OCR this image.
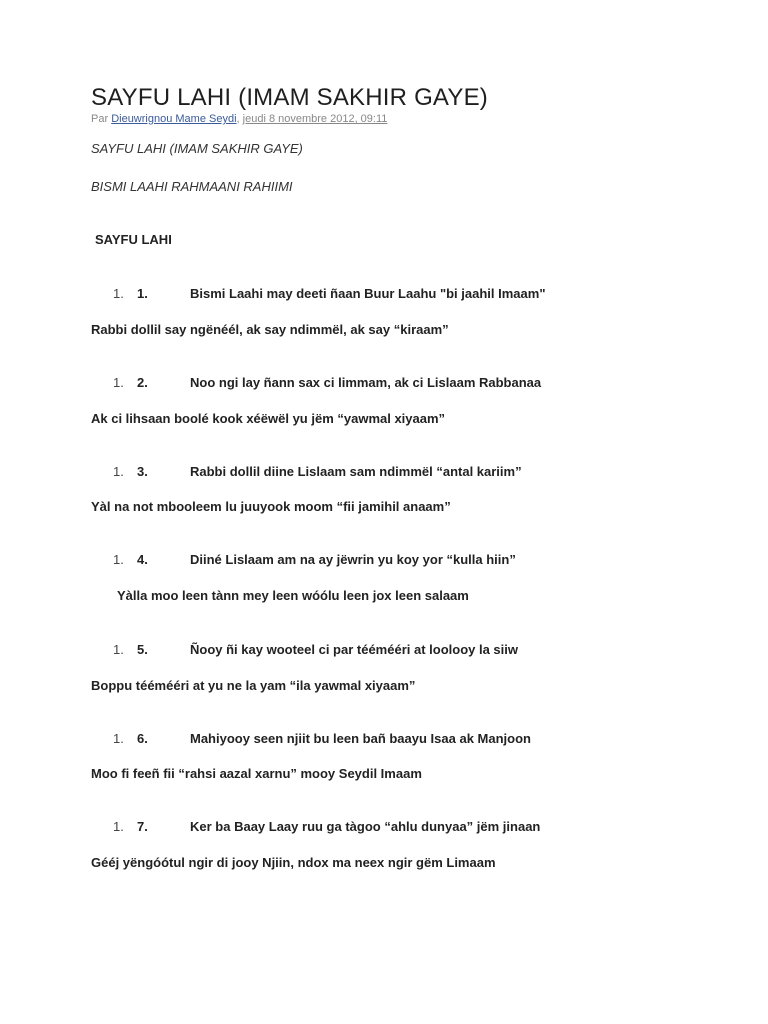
SAYFU LAHI (IMAM SAKHIR GAYE)
Par Dieuwrignou Mame Seydi, jeudi 8 novembre 2012, 09:11
SAYFU LAHI (IMAM SAKHIR GAYE)
BISMI LAAHI RAHMAANI RAHIIMI
SAYFU LAHI
1. 1.	Bismi Laahi may deeti ñaan Buur Laahu "bi jaahil Imaam"
Rabbi dollil say ngënéél, ak say ndimmël, ak say “kiraam”
1. 2.	Noo ngi lay ñann sax ci limmam, ak ci Lislaam Rabbanaa
Ak ci lihsaan boolé kook xéëwël yu jëm “yawmal xiyaam”
1. 3.	Rabbi dollil diine Lislaam sam ndimmël “antal kariim”
Yàl na not mbooleem lu juuyook moom “fii jamihil anaam”
1. 4.	Diiné Lislaam am na ay jëwrin yu koy yor “kulla hiin”
Yàlla moo leen tànn mey leen wóólu leen jox leen salaam
1. 5.	Ñooy ñi kay wooteel ci par téémééri at loolooy la siiw
Boppu téémééri at yu ne la yam “ila yawmal xiyaam”
1. 6.	Mahiyooy seen njiit bu leen bañ baayu Isaa ak Manjoon
Moo fi feeñ fii “rahsi aazal xarnu” mooy Seydil Imaam
1. 7.	Ker ba Baay Laay ruu ga tàgoo “ahlu dunyaa” jëm jinaan
Gééj yëngóótul ngir di jooy Njiin, ndox ma neex ngir gëm Limaam
